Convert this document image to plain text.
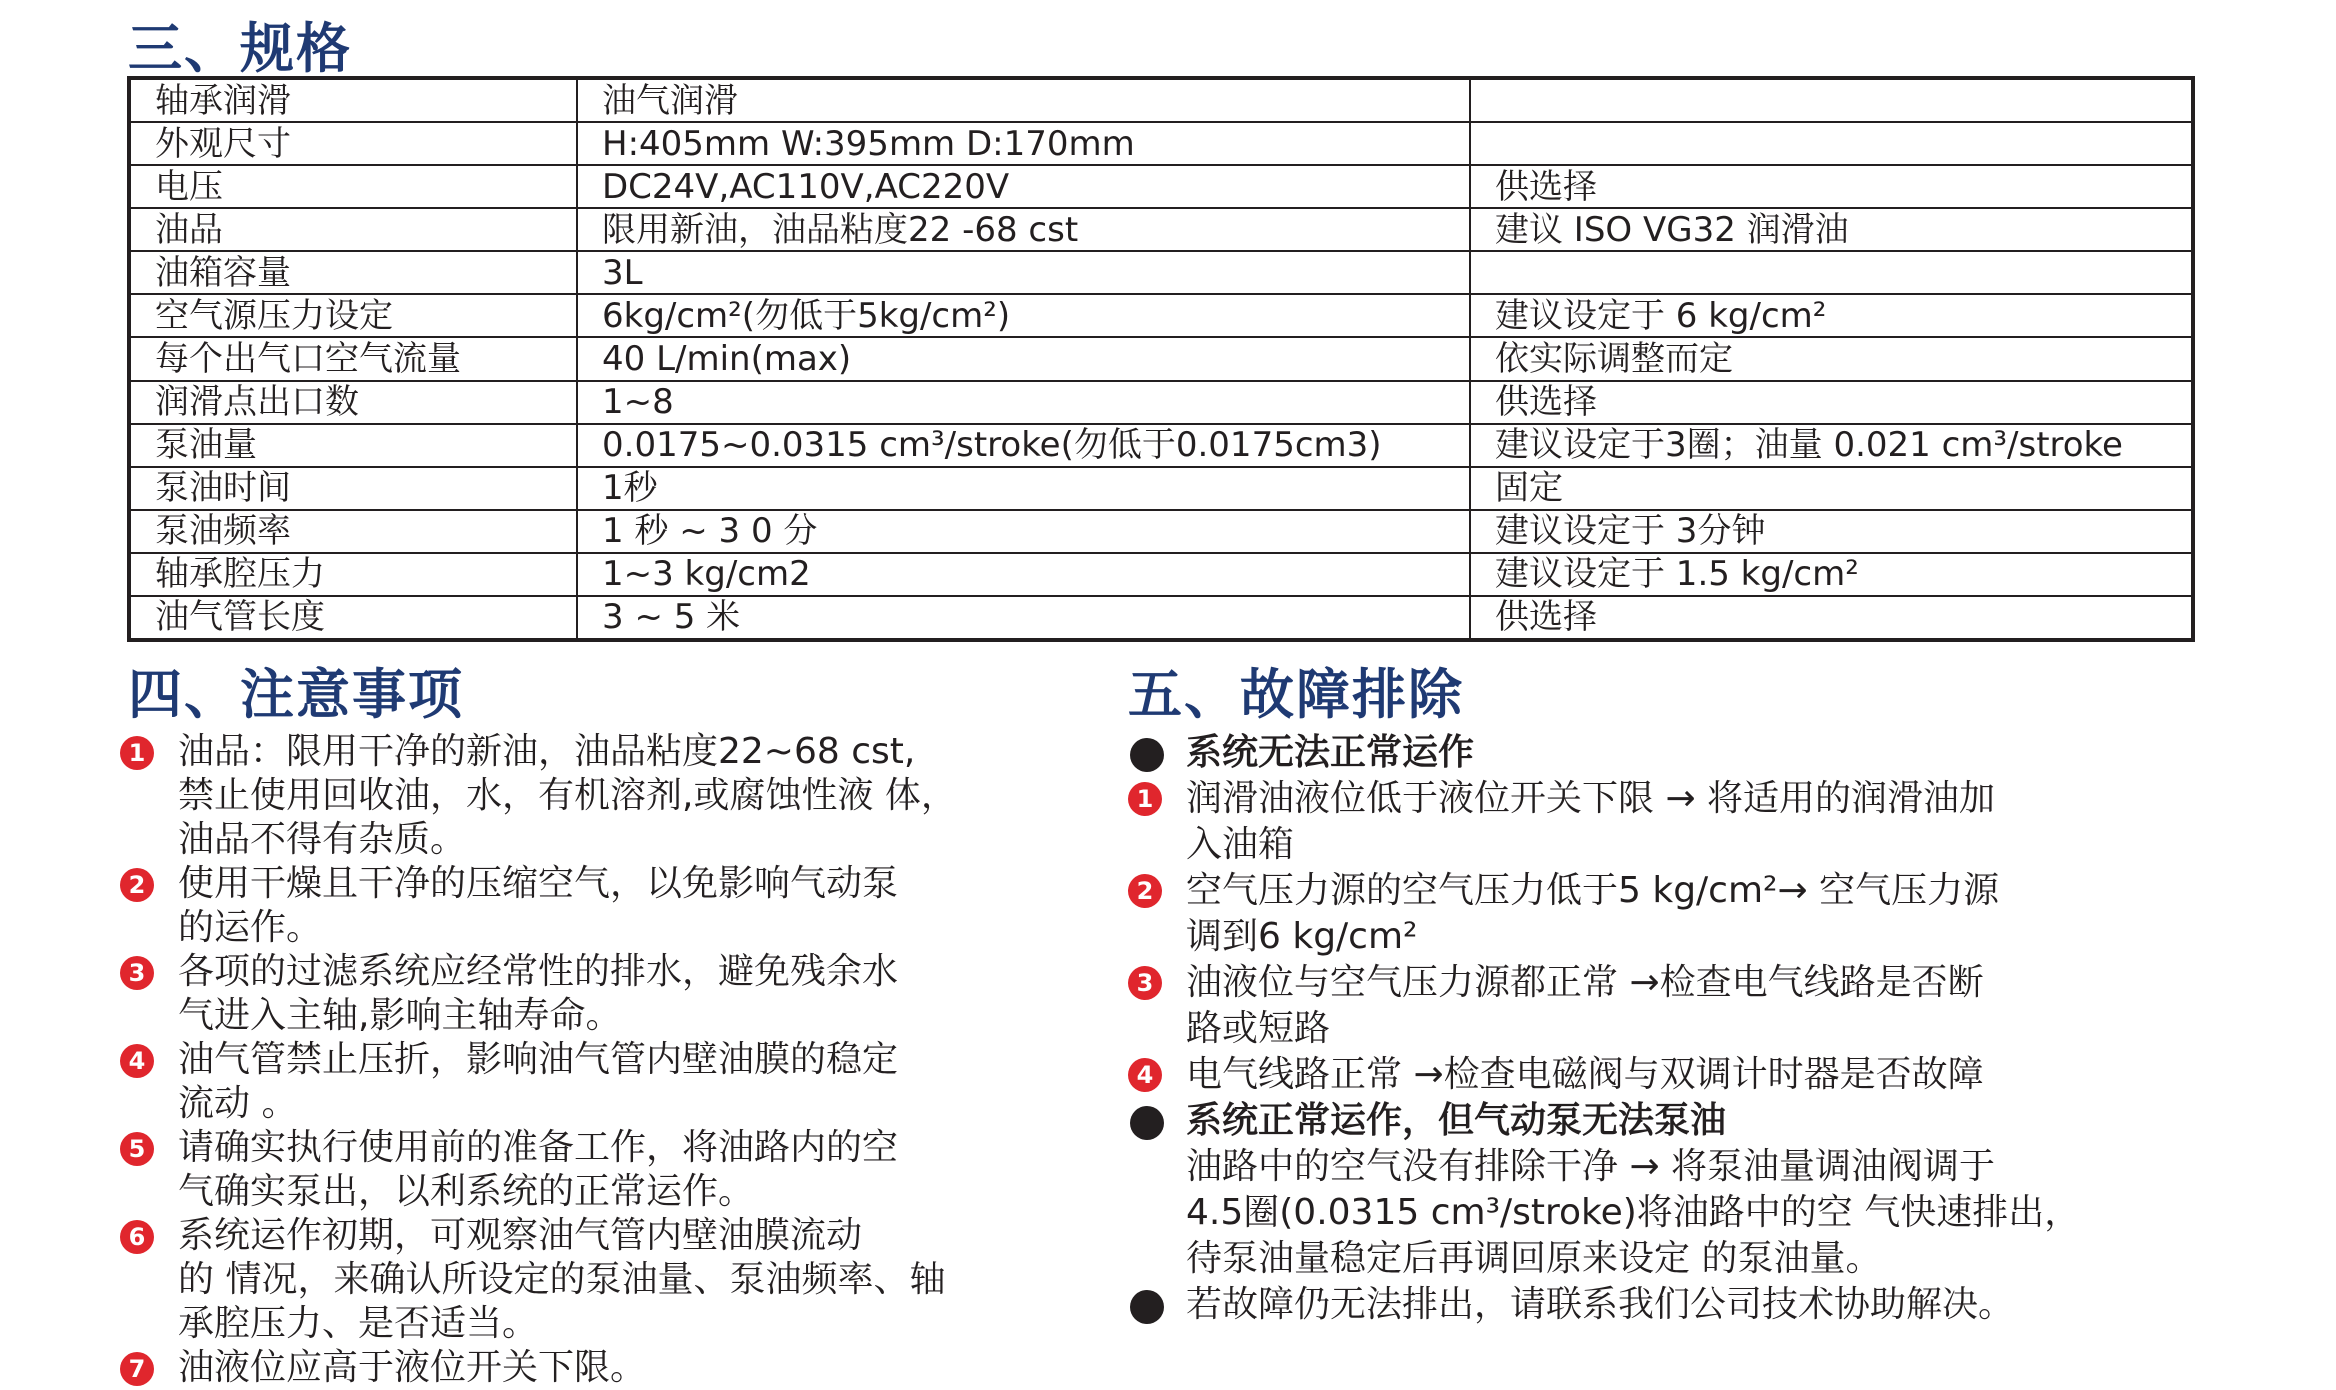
三、规格
轴承润滑	油气润滑	
外观尺寸	H:405mm W:395mm D:170mm	
电压	DC24V,AC110V,AC220V	供选择
油品	限用新油，油品粘度22 -68 cst	建议 ISO VG32 润滑油
油箱容量	3L	
空气源压力设定	6kg/cm²(勿低于5kg/cm²)	建议设定于 6 kg/cm²
每个出气口空气流量	40 L/min(max)	依实际调整而定
润滑点出口数	1~8	供选择
泵油量	0.0175~0.0315 cm³/stroke(勿低于0.0175cm3)	建议设定于3圈；油量 0.021 cm³/stroke
泵油时间	1秒	固定
泵油频率	1 秒 ~ 3 0 分	建议设定于 3分钟
轴承腔压力	1~3 kg/cm2	建议设定于 1.5 kg/cm²
油气管长度	3 ~ 5 米	供选择
四、注意事项
1 油品：限用干净的新油，油品粘度22~68 cst,
禁止使用回收油，水，有机溶剂,或腐蚀性液 体，
油品不得有杂质。
2 使用干燥且干净的压缩空气，以免影响气动泵
的运作。
3 各项的过滤系统应经常性的排水，避免残余水
气进入主轴,影响主轴寿命。
4 油气管禁止压折，影响油气管内壁油膜的稳定
流动 。
5 请确实执行使用前的准备工作，将油路内的空
气确实泵出，以利系统的正常运作。
6 系统运作初期，可观察油气管内壁油膜流动
的 情况，来确认所设定的泵油量、泵油频率、轴
承腔压力、是否适当。
7 油液位应高于液位开关下限。
五、故障排除
系统无法正常运作
1 润滑油液位低于液位开关下限 → 将适用的润滑油加
入油箱
2 空气压力源的空气压力低于5 kg/cm²→ 空气压力源
调到6 kg/cm²
3 油液位与空气压力源都正常 →检查电气线路是否断
路或短路
4 电气线路正常 →检查电磁阀与双调计时器是否故障
系统正常运作，但气动泵无法泵油
油路中的空气没有排除干净 → 将泵油量调油阀调于
4.5圈(0.0315 cm³/stroke)将油路中的空 气快速排出，
待泵油量稳定后再调回原来设定 的泵油量。
若故障仍无法排出，请联系我们公司技术协助解决。
